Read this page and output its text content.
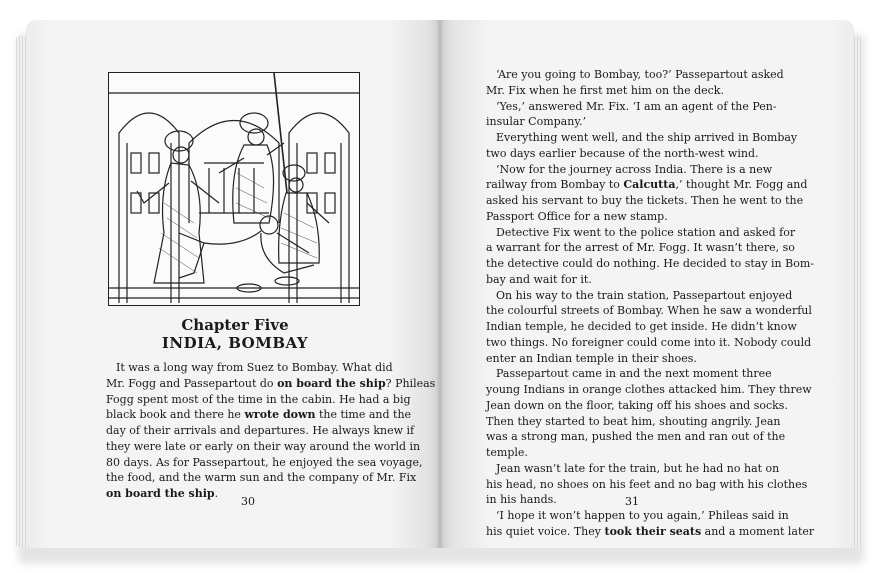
Chapter Five
INDIA, BOMBAY
It was a long way from Suez to Bombay. What did
Mr. Fogg and Passepartout do on board the ship? Phileas
Fogg spent most of the time in the cabin. He had a big
black book and there he wrote down the time and the
day of their arrivals and departures. He always knew if
they were late or early on their way around the world in
80 days. As for Passepartout, he enjoyed the sea voyage,
the food, and the warm sun and the company of Mr. Fix
on board the ship.
‘Are you going to Bombay, too?’ Passepartout asked
Mr. Fix when he first met him on the deck.
‘Yes,’ answered Mr. Fix. ‘I am an agent of the Pen-
insular Company.’
Everything went well, and the ship arrived in Bombay
two days earlier because of the north-west wind.
‘Now for the journey across India. There is a new
railway from Bombay to Calcutta,’ thought Mr. Fogg and
asked his servant to buy the tickets. Then he went to the
Passport Office for a new stamp.
Detective Fix went to the police station and asked for
a warrant for the arrest of Mr. Fogg. It wasn’t there, so
the detective could do nothing. He decided to stay in Bom-
bay and wait for it.
On his way to the train station, Passepartout enjoyed
the colourful streets of Bombay. When he saw a wonderful
Indian temple, he decided to get inside. He didn’t know
two things. No foreigner could come into it. Nobody could
enter an Indian temple in their shoes.
Passepartout came in and the next moment three
young Indians in orange clothes attacked him. They threw
Jean down on the floor, taking off his shoes and socks.
Then they started to beat him, shouting angrily. Jean
was a strong man, pushed the men and ran out of the
temple.
Jean wasn’t late for the train, but he had no hat on
his head, no shoes on his feet and no bag with his clothes
in his hands.
‘I hope it won’t happen to you again,’ Phileas said in
his quiet voice. They took their seats and a moment later
30	31
